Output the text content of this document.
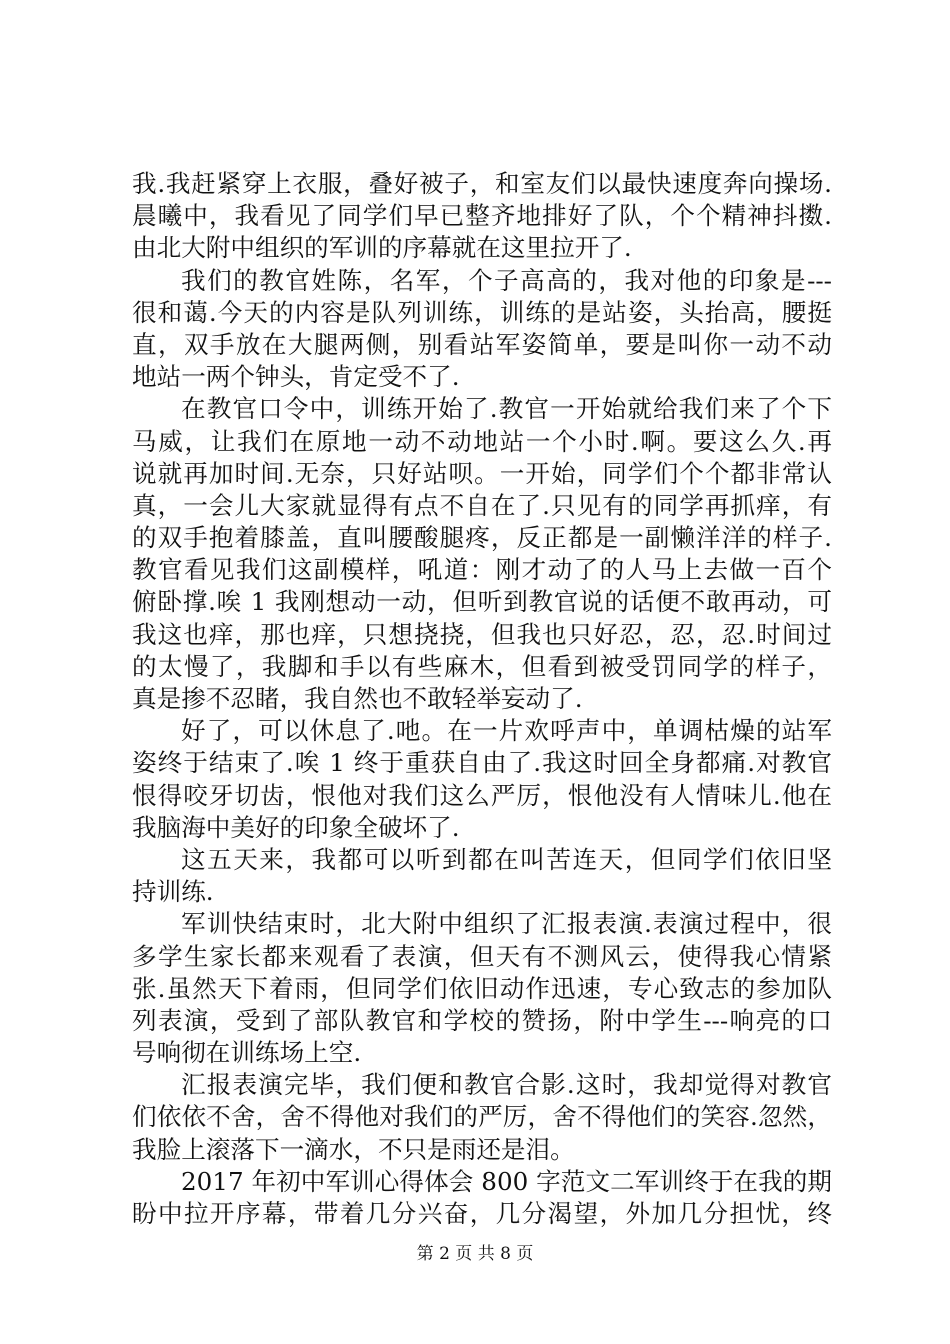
我.我赶紧穿上衣服，叠好被子，和室友们以最快速度奔向操场.
晨曦中，我看见了同学们早已整齐地排好了队，个个精神抖擞.
由北大附中组织的军训的序幕就在这里拉开了.
我们的教官姓陈，名军，个子高高的，我对他的印象是---
很和蔼.今天的内容是队列训练，训练的是站姿，头抬高，腰挺
直，双手放在大腿两侧，别看站军姿简单，要是叫你一动不动
地站一两个钟头，肯定受不了.
在教官口令中，训练开始了.教官一开始就给我们来了个下
马威，让我们在原地一动不动地站一个小时.啊。要这么久.再
说就再加时间.无奈，只好站呗。一开始，同学们个个都非常认
真，一会儿大家就显得有点不自在了.只见有的同学再抓痒，有
的双手抱着膝盖，直叫腰酸腿疼，反正都是一副懒洋洋的样子.
教官看见我们这副模样，吼道：刚才动了的人马上去做一百个
俯卧撑.唉 1 我刚想动一动，但听到教官说的话便不敢再动，可
我这也痒，那也痒，只想挠挠，但我也只好忍，忍，忍.时间过
的太慢了，我脚和手以有些麻木，但看到被受罚同学的样子，
真是掺不忍睹，我自然也不敢轻举妄动了.
好了，可以休息了.吔。在一片欢呼声中，单调枯燥的站军
姿终于结束了.唉 1 终于重获自由了.我这时回全身都痛.对教官
恨得咬牙切齿，恨他对我们这么严厉，恨他没有人情味儿.他在
我脑海中美好的印象全破坏了.
这五天来，我都可以听到都在叫苦连天，但同学们依旧坚
持训练.
军训快结束时，北大附中组织了汇报表演.表演过程中，很
多学生家长都来观看了表演，但天有不测风云，使得我心情紧
张.虽然天下着雨，但同学们依旧动作迅速，专心致志的参加队
列表演，受到了部队教官和学校的赞扬，附中学生---响亮的口
号响彻在训练场上空.
汇报表演完毕，我们便和教官合影.这时，我却觉得对教官
们依依不舍，舍不得他对我们的严厉，舍不得他们的笑容.忽然，
我脸上滚落下一滴水，不只是雨还是泪。
2017 年初中军训心得体会 800 字范文二军训终于在我的期
盼中拉开序幕，带着几分兴奋，几分渴望，外加几分担忧，终
第 2 页 共 8 页
